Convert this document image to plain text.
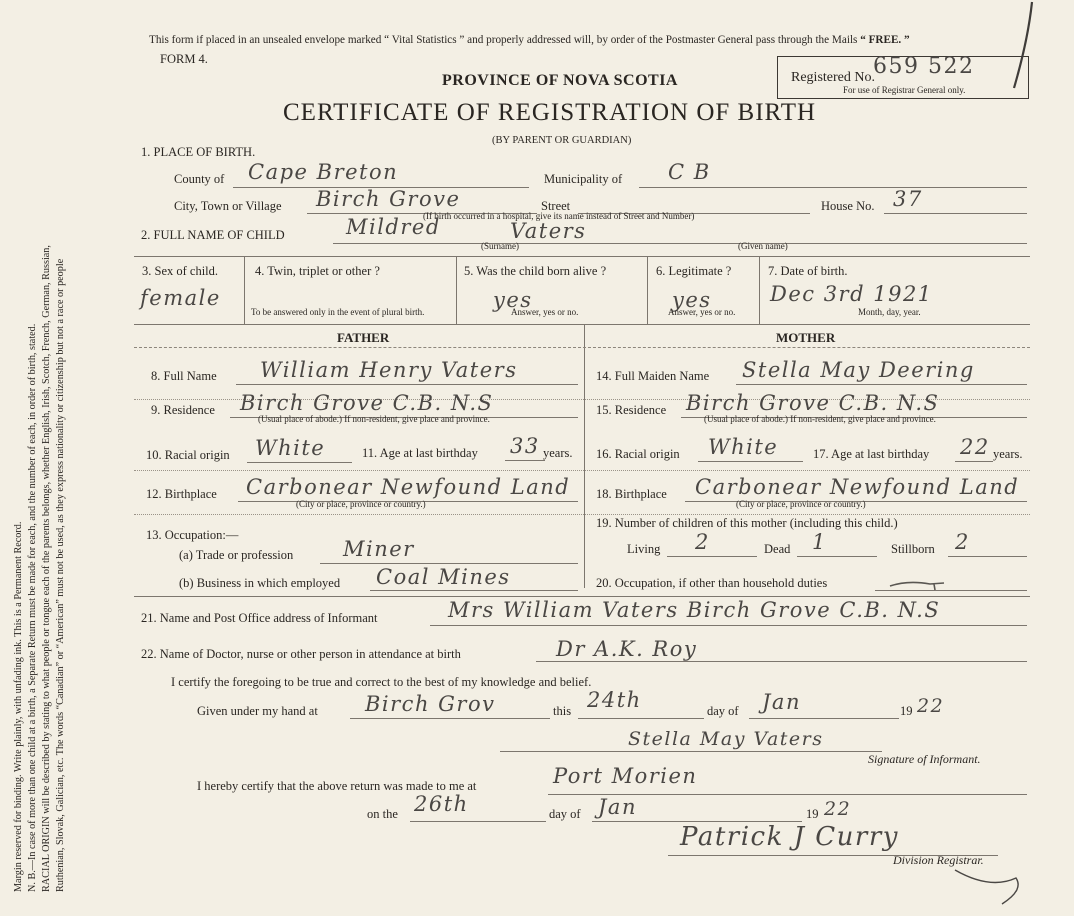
Margin reserved for binding. Write plainly, with unfading ink. This is a Permanent Record. N. B.—In case of more than one child at a birth, a Separate Return must be made for each, and the number of each, in order of birth, stated. RACIAL ORIGIN will be described by stating to what people or tongue each of the parents belongs, whether English, Irish, Scotch, French, German, Russian, Ruthenian, Slovak, Galician, etc. The words “Canadian” or “American” must not be used, as they express nationality or citizenship but not a race or people
This form if placed in an unsealed envelope marked “ Vital Statistics ” and properly addressed will, by order of the Postmaster General pass through the Mails “ FREE. ”
FORM 4.
PROVINCE OF NOVA SCOTIA
CERTIFICATE OF REGISTRATION OF BIRTH
(BY PARENT OR GUARDIAN)
Registered No.
659 522
For use of Registrar General only.
1. PLACE OF BIRTH.
County of Cape Breton	Municipality of C B
City, Town or Village Birch Grove	Street
(If birth occurred in a hospital, give its name instead of Street and Number)
House No. 37
2. FULL NAME OF CHILD	Mildred	Vaters
(Surname)	(Given name)
3. Sex of child.
female
4. Twin, triplet or other ?
To be answered only in the event of plural birth.
5. Was the child born alive ?
yes
Answer, yes or no.
6. Legitimate ?
yes
Answer, yes or no.
7. Date of birth.
Dec 3rd 1921
Month, day, year.
FATHER	MOTHER
8. Full Name William Henry Vaters
9. Residence Birch Grove C.B. N.S
(Usual place of abode.) If non-resident, give place and province.
10. Racial origin White	11. Age at last birthday 33 years.
12. Birthplace Carbonear Newfound Land
(City or place, province or country.)
13. Occupation:—
(a) Trade or profession Miner
(b) Business in which employed Coal Mines
14. Full Maiden Name Stella May Deering
15. Residence Birch Grove C.B. N.S
(Usual place of abode.) If non-resident, give place and province.
16. Racial origin White	17. Age at last birthday 22 years.
18. Birthplace Carbonear Newfound Land
(City or place, province or country.)
19. Number of children of this mother (including this child.)
Living 2	Dead 1	Stillborn 2
20. Occupation, if other than household duties
21. Name and Post Office address of Informant	Mrs William Vaters Birch Grove C.B. N.S
22. Name of Doctor, nurse or other person in attendance at birth	Dr A.K. Roy
I certify the foregoing to be true and correct to the best of my knowledge and belief.
Given under my hand at Birch Grov	this 24th	day of Jan	19 22
Stella May Vaters
Signature of Informant.
I hereby certify that the above return was made to me at	Port Morien
on the 26th	day of Jan	19 22
Patrick J Curry
Division Registrar.
